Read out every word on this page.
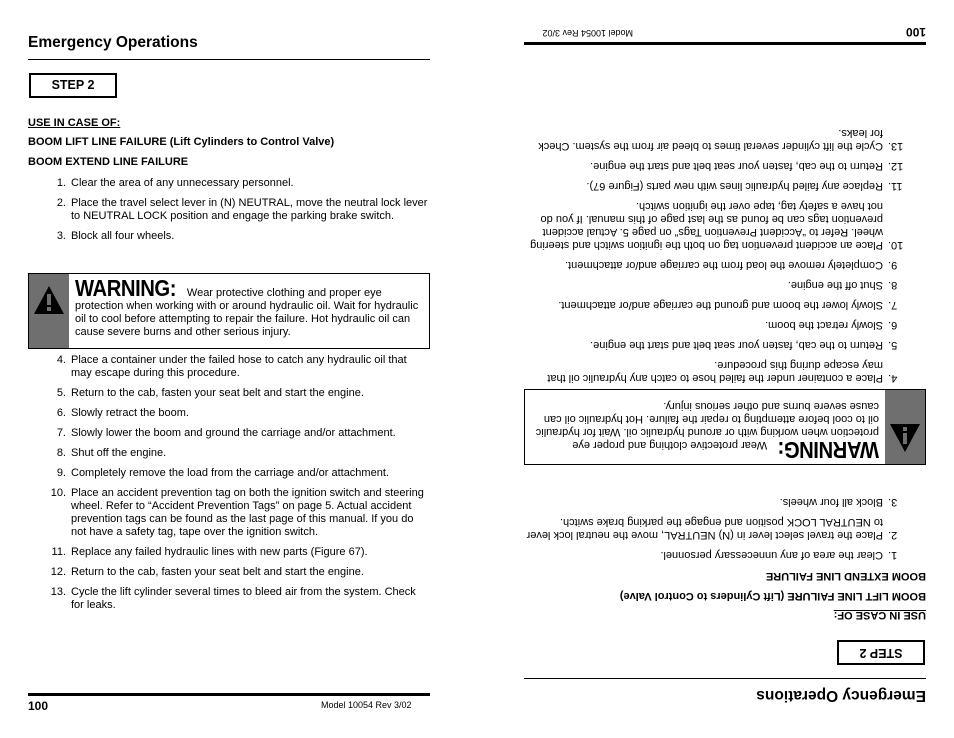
Emergency Operations
STEP 2
USE IN CASE OF:
BOOM LIFT LINE FAILURE (Lift Cylinders to Control Valve)
BOOM EXTEND LINE FAILURE
1. Clear the area of any unnecessary personnel.
2. Place the travel select lever in (N) NEUTRAL, move the neutral lock lever to NEUTRAL LOCK position and engage the parking brake switch.
3. Block all four wheels.
WARNING: Wear protective clothing and proper eye protection when working with or around hydraulic oil. Wait for hydraulic oil to cool before attempting to repair the failure. Hot hydraulic oil can cause severe burns and other serious injury.
4. Place a container under the failed hose to catch any hydraulic oil that may escape during this procedure.
5. Return to the cab, fasten your seat belt and start the engine.
6. Slowly retract the boom.
7. Slowly lower the boom and ground the carriage and/or attachment.
8. Shut off the engine.
9. Completely remove the load from the carriage and/or attachment.
10. Place an accident prevention tag on both the ignition switch and steering wheel. Refer to “Accident Prevention Tags” on page 5. Actual accident prevention tags can be found as the last page of this manual. If you do not have a safety tag, tape over the ignition switch.
11. Replace any failed hydraulic lines with new parts (Figure 67).
12. Return to the cab, fasten your seat belt and start the engine.
13. Cycle the lift cylinder several times to bleed air from the system. Check for leaks.
100	Model 10054 Rev 3/02
Emergency Operations
STEP 2
USE IN CASE OF:
BOOM LIFT LINE FAILURE (Lift Cylinders to Control Valve)
BOOM EXTEND LINE FAILURE
1.
Clear the area of any unnecessary personnel.
2.
Place the travel select lever in (N) NEUTRAL, move the neutral lock lever to NEUTRAL LOCK position and engage the parking brake switch.
3.
Block all four wheels.
WARNING: Wear protective clothing and proper eye protection when working with or around hydraulic oil. Wait for hydraulic oil to cool before attempting to repair the failure. Hot hydraulic oil can cause severe burns and other serious injury.
4.
Place a container under the failed hose to catch any hydraulic oil that may escape during this procedure.
5.
Return to the cab, fasten your seat belt and start the engine.
6.
Slowly retract the boom.
7.
Slowly lower the boom and ground the carriage and/or attachment.
8.
Shut off the engine.
9.
Completely remove the load from the carriage and/or attachment.
10.
Place an accident prevention tag on both the ignition switch and steering wheel. Refer to “Accident Prevention Tags” on page 5. Actual accident prevention tags can be found as the last page of this manual. If you do not have a safety tag, tape over the ignition switch.
11.
Replace any failed hydraulic lines with new parts (Figure 67).
12.
Return to the cab, fasten your seat belt and start the engine.
13.
Cycle the lift cylinder several times to bleed air from the system. Check for leaks.
100
Model 10054 Rev 3/02
